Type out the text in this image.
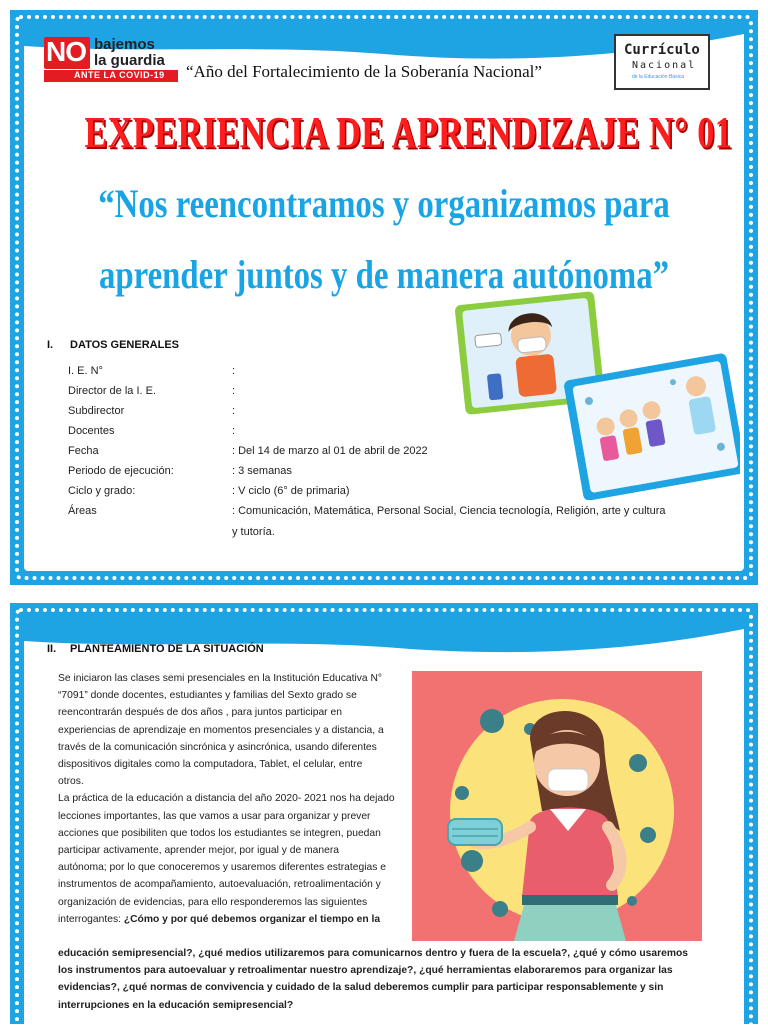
NO bajemos
la guardia
ANTE LA COVID-19 “Año del Fortalecimiento de la Soberanía Nacional”
Currículo
Nacional
de la Educación Básica
EXPERIENCIA DE APRENDIZAJE N° 01
“Nos reencontramos y organizamos para
aprender juntos y de manera autónoma”
I. DATOS GENERALES
I. E. N°	:
Director de la I. E.	:
Subdirector	:
Docentes	:
Fecha	: Del 14 de marzo al 01 de abril de 2022
Periodo de ejecución:	: 3 semanas
Ciclo y grado:	: V ciclo (6° de primaria)
Áreas	: Comunicación, Matemática, Personal Social, Ciencia tecnología, Religión, arte y cultura
y tutoría.
II. PLANTEAMIENTO DE LA SITUACIÓN

Se iniciaron las clases semi presenciales en la Institución Educativa N°

“7091” donde docentes, estudiantes y familias del Sexto grado se

reencontrarán después de dos años , para juntos participar en

experiencias de aprendizaje en momentos presenciales y a distancia, a

través de la comunicación sincrónica y asincrónica, usando diferentes

dispositivos digitales como la computadora, Tablet, el celular, entre

otros.

La práctica de la educación a distancia del año 2020- 2021 nos ha dejado

lecciones importantes, las que vamos a usar para organizar y prever

acciones que posibiliten que todos los estudiantes se integren, puedan

participar activamente, aprender mejor, por igual y de manera

autónoma; por lo que conoceremos y usaremos diferentes estrategias e

instrumentos de acompañamiento, autoevaluación, retroalimentación y

organización de evidencias, para ello responderemos las siguientes

interrogantes: ¿Cómo y por qué debemos organizar el tiempo en la

educación semipresencial?, ¿qué medios utilizaremos para comunicarnos dentro y fuera de la escuela?, ¿qué y cómo usaremos

los instrumentos para autoevaluar y retroalimentar nuestro aprendizaje?, ¿qué herramientas elaboraremos para organizar las

evidencias?, ¿qué normas de convivencia y cuidado de la salud deberemos cumplir para participar responsablemente y sin

interrupciones en la educación semipresencial?
